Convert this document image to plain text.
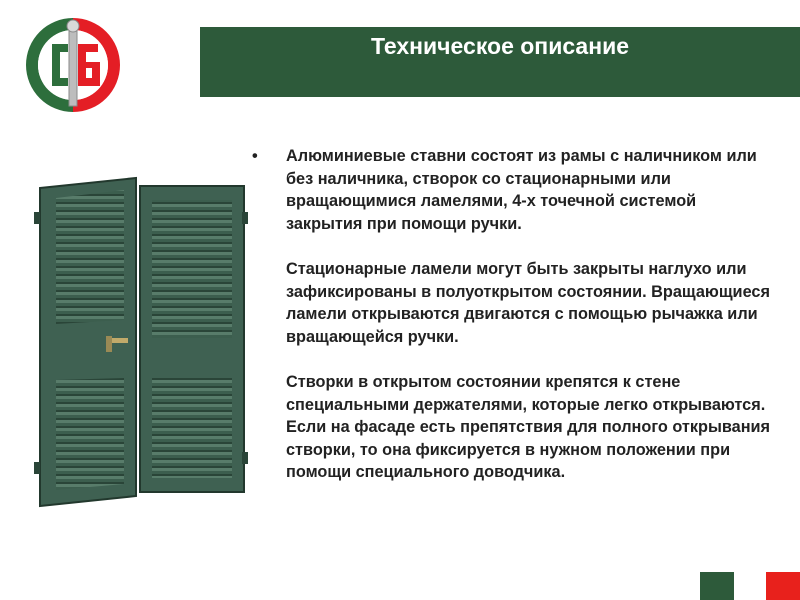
Техническое описание
•	Алюминиевые ставни состоят из рамы с наличником или без наличника, створок со стационарными или вращающимися ламелями, 4-х точечной системой закрытия при помощи ручки.

Стационарные ламели могут быть закрыты наглухо или зафиксированы в полуоткрытом состоянии. Вращающиеся ламели открываются двигаются с помощью рычажка или вращающейся ручки.

Створки в открытом состоянии крепятся к стене специальными держателями, которые легко открываются. Если на фасаде есть препятствия для полного открывания створки, то она фиксируется в нужном положении при помощи специального доводчика.
